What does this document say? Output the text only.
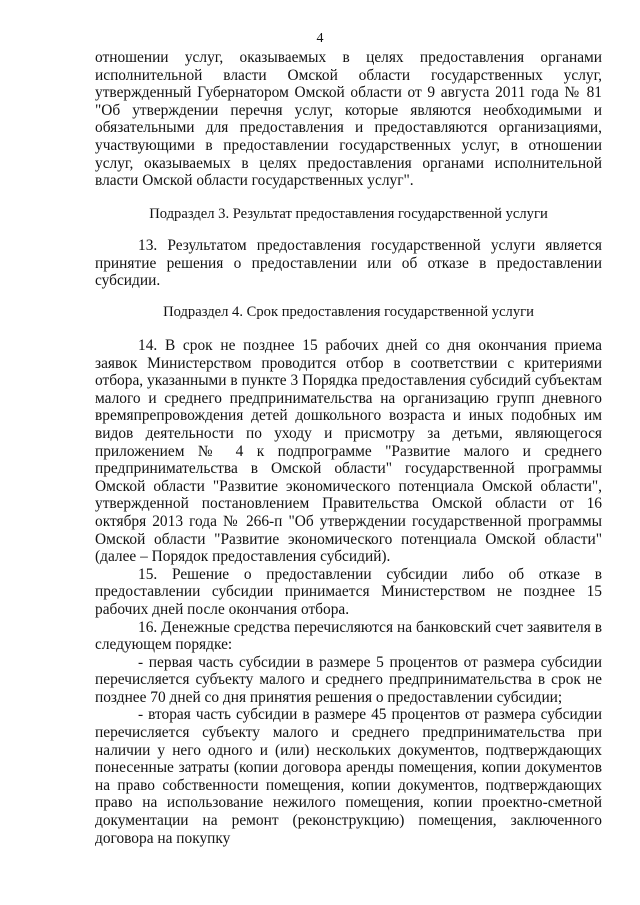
4

отношении услуг, оказываемых в целях предоставления органами исполнительной власти Омской области государственных услуг, утвержденный Губернатором Омской области от 9 августа 2011 года № 81 "Об утверждении перечня услуг, которые являются необходимыми и обязательными для предоставления и предоставляются организациями, участвующими в предоставлении государственных услуг, в отношении услуг, оказываемых в целях предоставления органами исполнительной власти Омской области государственных услуг".

Подраздел 3. Результат предоставления государственной услуги

13. Результатом предоставления государственной услуги является принятие решения о предоставлении или об отказе в предоставлении субсидии.

Подраздел 4. Срок предоставления государственной услуги

14. В срок не позднее 15 рабочих дней со дня окончания приема заявок Министерством проводится отбор в соответствии с критериями отбора, указанными в пункте 3 Порядка предоставления субсидий субъектам малого и среднего предпринимательства на организацию групп дневного времяпрепровождения детей дошкольного возраста и иных подобных им видов деятельности по уходу и присмотру за детьми, являющегося приложением № 4 к подпрограмме "Развитие малого и среднего предпринимательства в Омской области" государственной программы Омской области "Развитие экономического потенциала Омской области", утвержденной постановлением Правительства Омской области от 16 октября 2013 года № 266-п "Об утверждении государственной программы Омской области "Развитие экономического потенциала Омской области" (далее – Порядок предоставления субсидий).

15. Решение о предоставлении субсидии либо об отказе в предоставлении субсидии принимается Министерством не позднее 15 рабочих дней после окончания отбора.

16. Денежные средства перечисляются на банковский счет заявителя в следующем порядке:

- первая часть субсидии в размере 5 процентов от размера субсидии перечисляется субъекту малого и среднего предпринимательства в срок не позднее 70 дней со дня принятия решения о предоставлении субсидии;

- вторая часть субсидии в размере 45 процентов от размера субсидии перечисляется субъекту малого и среднего предпринимательства при наличии у него одного и (или) нескольких документов, подтверждающих понесенные затраты (копии договора аренды помещения, копии документов на право собственности помещения, копии документов, подтверждающих право на использование нежилого помещения, копии проектно-сметной документации на ремонт (реконструкцию) помещения, заключенного договора на покупку
